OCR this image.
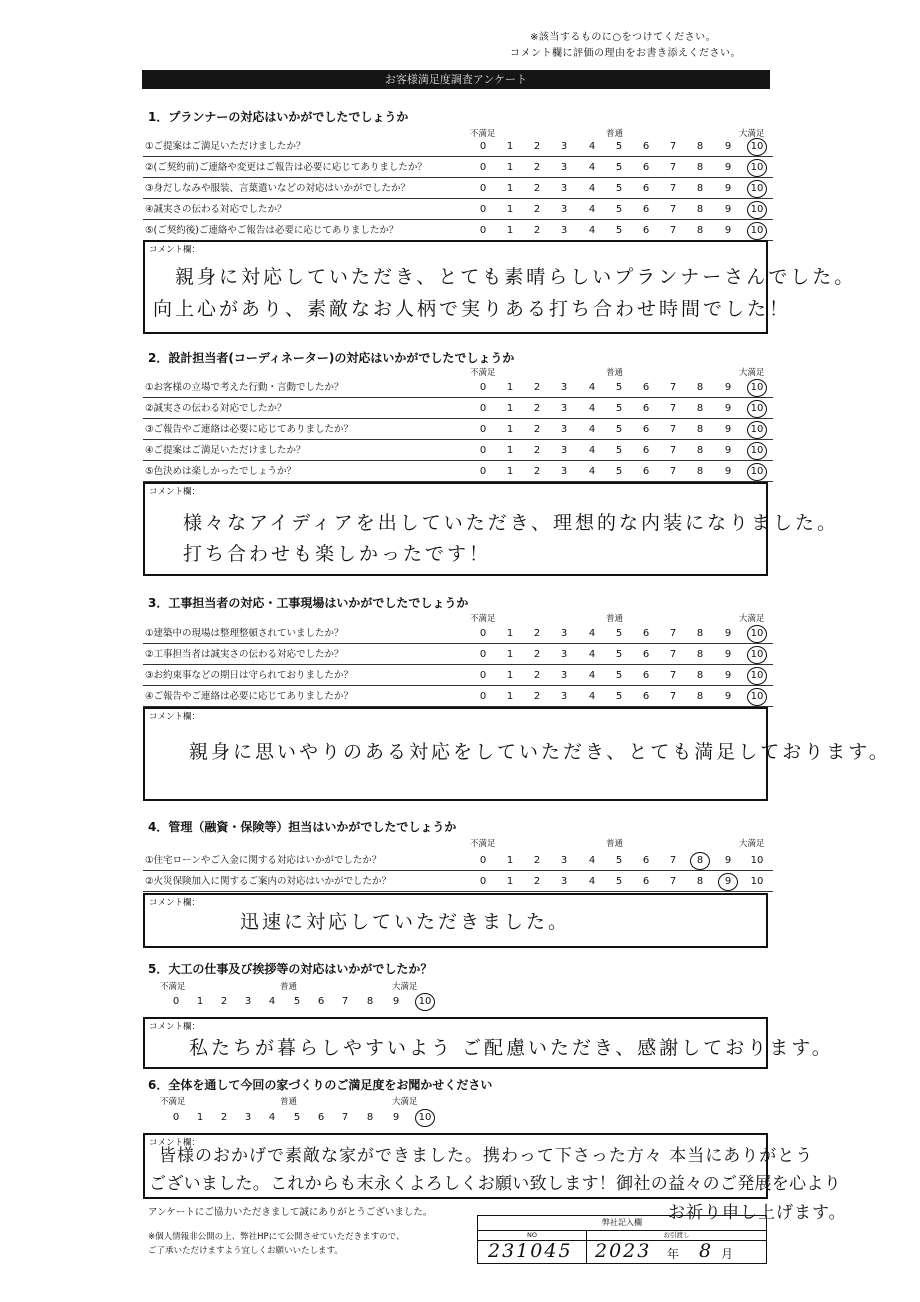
※該当するものに○をつけてください。
コメント欄に評価の理由をお書き添えください。
お客様満足度調査アンケート
1．プランナーの対応はいかがでしたでしょうか
不満足	普通	大満足
①ご提案はご満足いただけましたか？	0	1	2	3	4	5	6	7	8	9	10
②(ご契約前)ご連絡や変更はご報告は必要に応じてありましたか？	0	1	2	3	4	5	6	7	8	9	10
③身だしなみや服装、言葉遣いなどの対応はいかがでしたか？	0	1	2	3	4	5	6	7	8	9	10
④誠実さの伝わる対応でしたか？	0	1	2	3	4	5	6	7	8	9	10
⑤(ご契約後)ご連絡やご報告は必要に応じてありましたか？	0	1	2	3	4	5	6	7	8	9	10
コメント欄：
親身に対応していただき、とても素晴らしいプランナーさんでした。
向上心があり、素敵なお人柄で実りある打ち合わせ時間でした！
2．設計担当者(コーディネーター)の対応はいかがでしたでしょうか
不満足	普通	大満足
①お客様の立場で考えた行動・言動でしたか？	0	1	2	3	4	5	6	7	8	9	10
②誠実さの伝わる対応でしたか？	0	1	2	3	4	5	6	7	8	9	10
③ご報告やご連絡は必要に応じてありましたか？	0	1	2	3	4	5	6	7	8	9	10
④ご提案はご満足いただけましたか？	0	1	2	3	4	5	6	7	8	9	10
⑤色決めは楽しかったでしょうか？	0	1	2	3	4	5	6	7	8	9	10
コメント欄：
様々なアイディアを出していただき、理想的な内装になりました。
打ち合わせも楽しかったです！
3．工事担当者の対応・工事現場はいかがでしたでしょうか
不満足	普通	大満足
①建築中の現場は整理整頓されていましたか？	0	1	2	3	4	5	6	7	8	9	10
②工事担当者は誠実さの伝わる対応でしたか？	0	1	2	3	4	5	6	7	8	9	10
③お約束事などの期日は守られておりましたか？	0	1	2	3	4	5	6	7	8	9	10
④ご報告やご連絡は必要に応じてありましたか？	0	1	2	3	4	5	6	7	8	9	10
コメント欄：
親身に思いやりのある対応をしていただき、とても満足しております。
4．管理（融資・保険等）担当はいかがでしたでしょうか
不満足	普通	大満足
①住宅ローンやご入金に関する対応はいかがでしたか？	0	1	2	3	4	5	6	7	8	9	10
②火災保険加入に関するご案内の対応はいかがでしたか？	0	1	2	3	4	5	6	7	8	9	10
コメント欄：
迅速に対応していただきました。
5．大工の仕事及び挨拶等の対応はいかがでしたか？
不満足	普通	大満足
0	1	2	3	4	5	6	7	8	9	10
コメント欄：
私たちが暮らしやすいよう ご配慮いただき、感謝しております。
6．全体を通して今回の家づくりのご満足度をお聞かせください
不満足	普通	大満足
0	1	2	3	4	5	6	7	8	9	10
コメント欄：
皆様のおかげで素敵な家ができました。携わって下さった方々 本当にありがとう
ございました。これからも末永くよろしくお願い致します！御社の益々のご発展を心より
お祈り申し上げます。
アンケートにご協力いただきまして誠にありがとうございました。
※個人情報非公開の上、弊社HPにて公開させていただきますので、
ご了承いただけますよう宜しくお願いいたします。
弊社記入欄
NO
231045
お引渡し
2023 年 8 月
